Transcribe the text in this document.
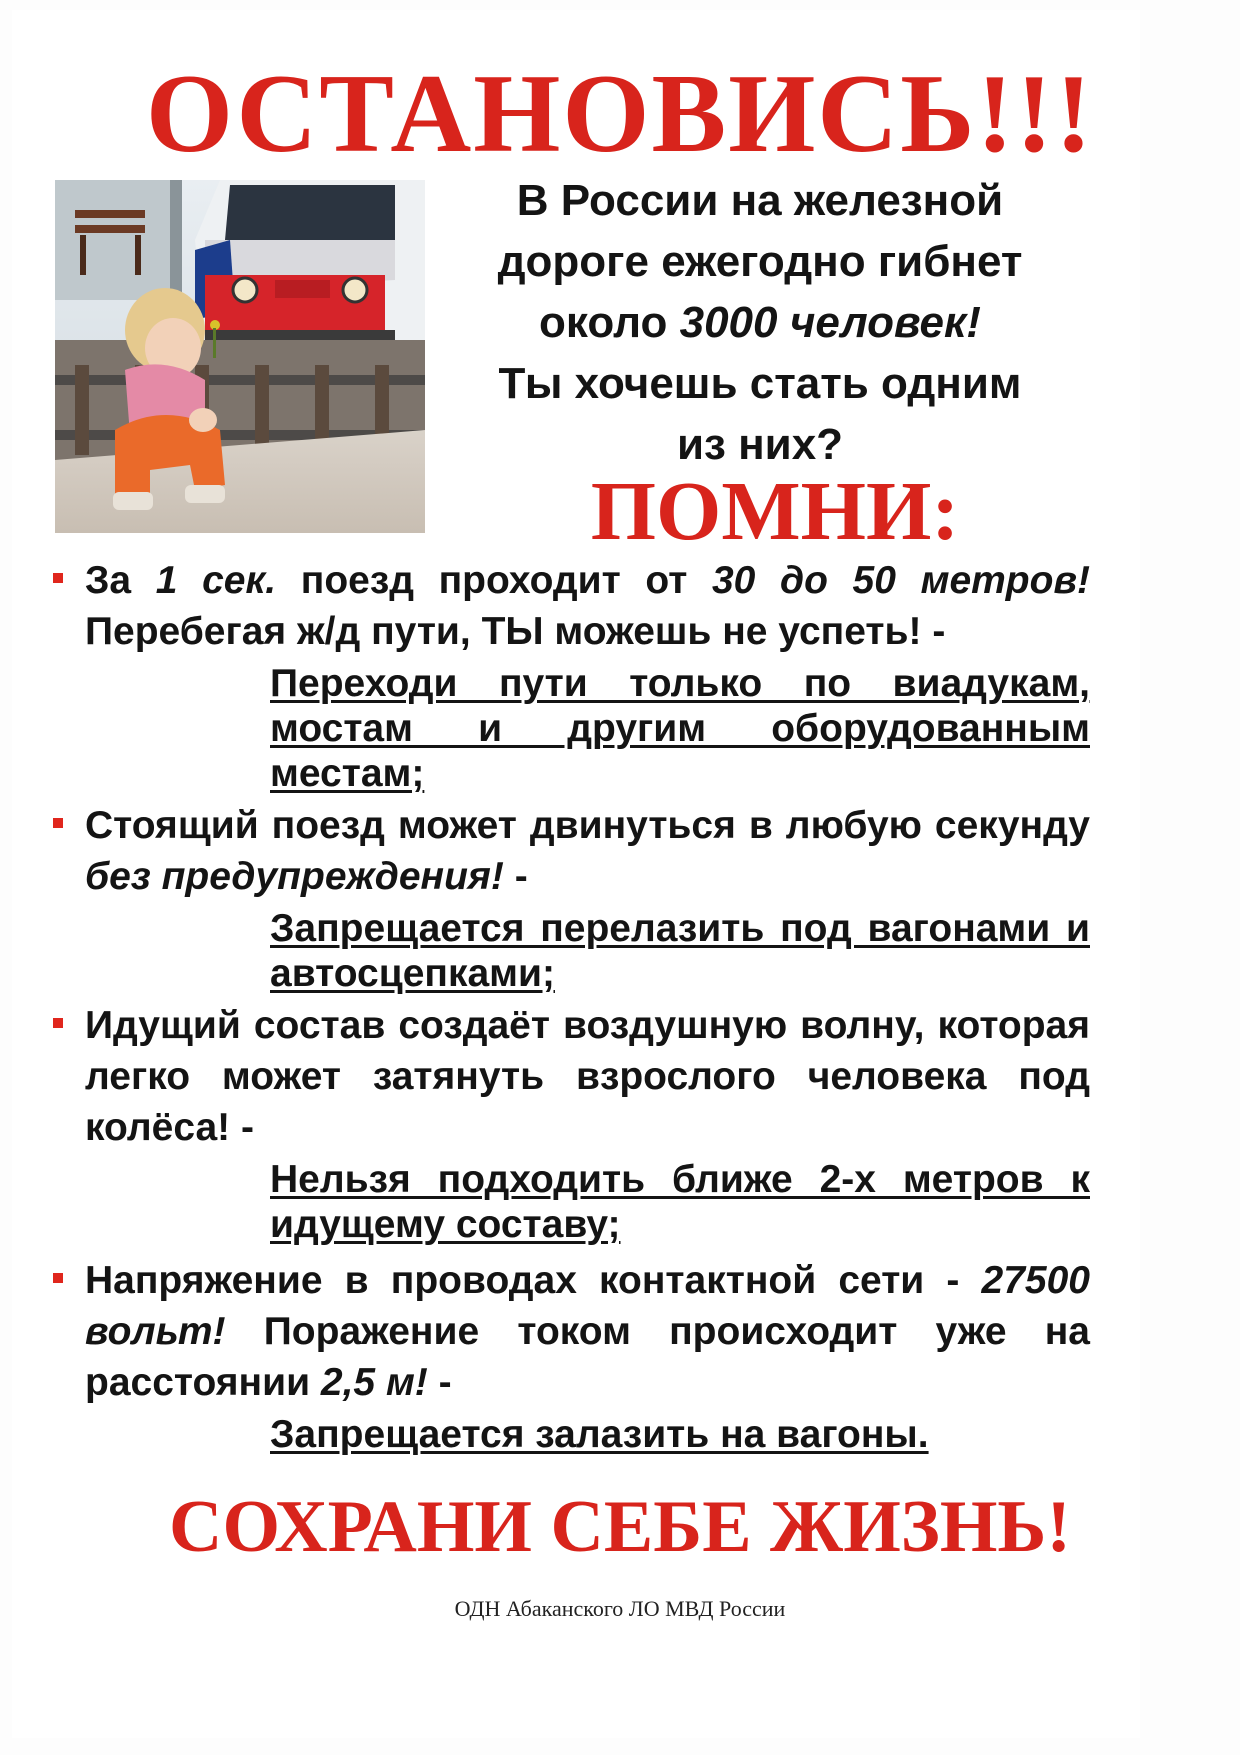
ОСТАНОВИСЬ!!!
В России на железной
дороге ежегодно гибнет
около 3000 человек!
Ты хочешь стать одним
из них?
ПОМНИ:
За 1 сек. поезд проходит от 30 до 50 метров! Перебегая ж/д пути, ТЫ можешь не успеть! -
Переходи пути только по виадукам, мостам и другим оборудованным местам;
Стоящий поезд может двинуться в любую секунду без предупреждения! -
Запрещается перелазить под вагонами и автосцепками;
Идущий состав создаёт воздушную волну, которая легко может затянуть взрослого человека под колёса! -
Нельзя подходить ближе 2-х метров к идущему составу;
Напряжение в проводах контактной сети - 27500 вольт! Поражение током происходит уже на расстоянии 2,5 м! -
Запрещается залазить на вагоны.
СОХРАНИ СЕБЕ ЖИЗНЬ!
ОДН Абаканского ЛО МВД России
